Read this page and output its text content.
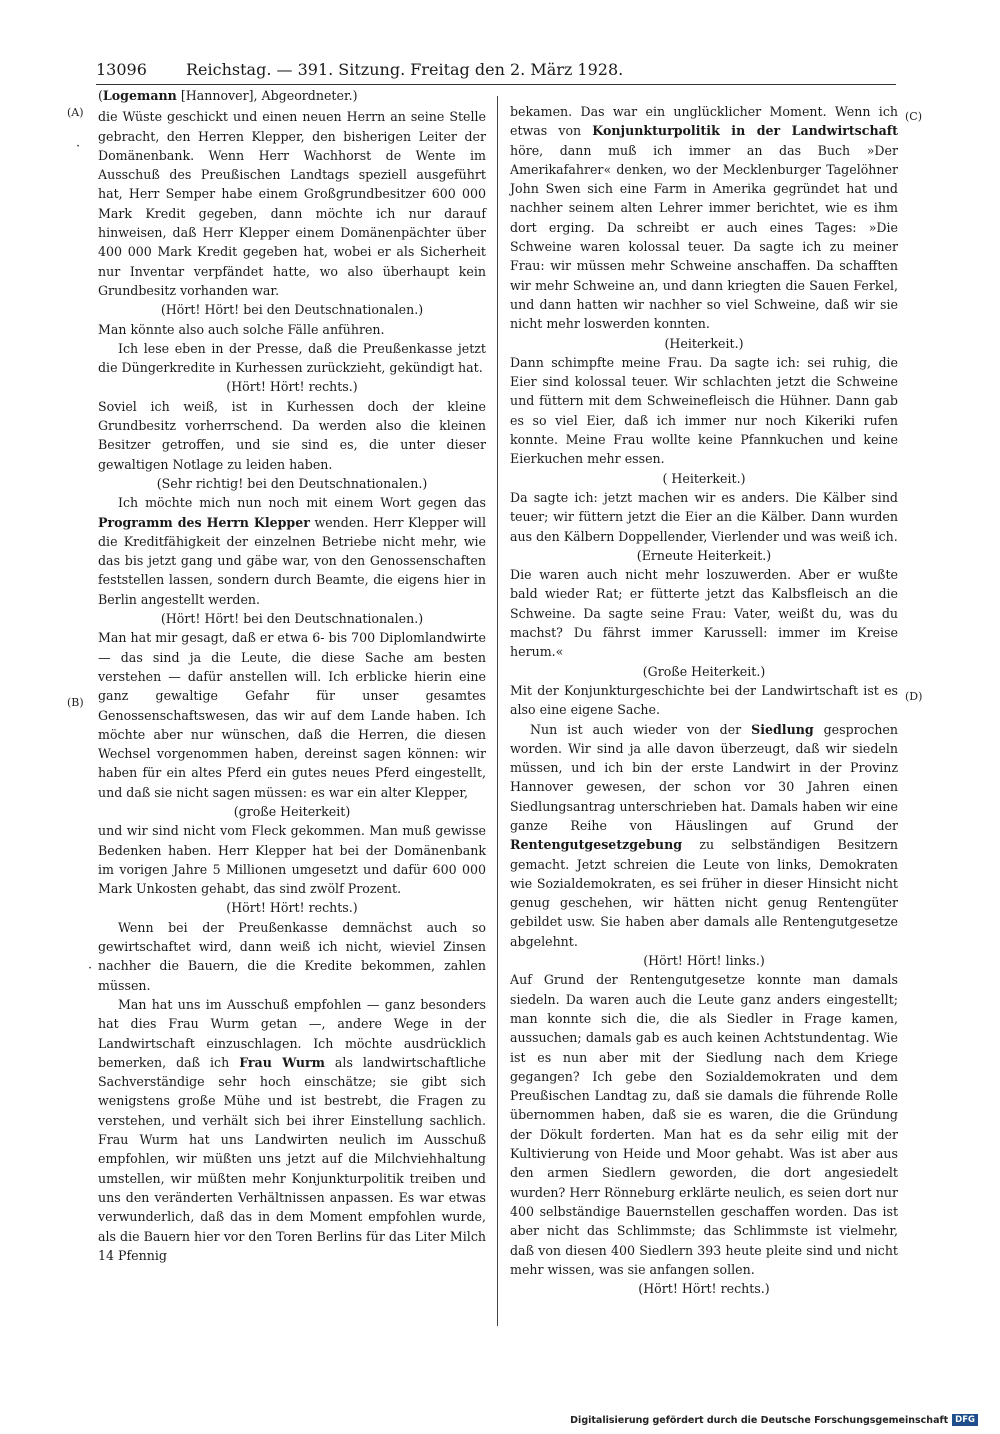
13096 Reichstag. — 391. Sitzung. Freitag den 2. März 1928.
(A)
(B)
(C)
(D)
·
·

(Logemann [Hannover], Abgeordneter.)

die Wüste geschickt und einen neuen Herrn an seine Stelle gebracht, den Herren Klepper, den bisherigen Leiter der Domänenbank. Wenn Herr Wachhorst de Wente im Ausschuß des Preußischen Landtags speziell ausgeführt hat, Herr Semper habe einem Großgrundbesitzer 600 000 Mark Kredit gegeben, dann möchte ich nur darauf hinweisen, daß Herr Klepper einem Domänenpächter über 400 000 Mark Kredit gegeben hat, wobei er als Sicherheit nur Inventar verpfändet hatte, wo also überhaupt kein Grundbesitz vorhanden war.

(Hört! Hört! bei den Deutschnationalen.)

Man könnte also auch solche Fälle anführen.

Ich lese eben in der Presse, daß die Preußenkasse jetzt die Düngerkredite in Kurhessen zurückzieht, gekündigt hat.

(Hört! Hört! rechts.)

Soviel ich weiß, ist in Kurhessen doch der kleine Grundbesitz vorherrschend. Da werden also die kleinen Besitzer getroffen, und sie sind es, die unter dieser gewaltigen Notlage zu leiden haben.

(Sehr richtig! bei den Deutschnationalen.)

Ich möchte mich nun noch mit einem Wort gegen das Programm des Herrn Klepper wenden. Herr Klepper will die Kreditfähigkeit der einzelnen Betriebe nicht mehr, wie das bis jetzt gang und gäbe war, von den Genossenschaften feststellen lassen, sondern durch Beamte, die eigens hier in Berlin angestellt werden.

(Hört! Hört! bei den Deutschnationalen.)

Man hat mir gesagt, daß er etwa 6- bis 700 Diplomlandwirte — das sind ja die Leute, die diese Sache am besten verstehen — dafür anstellen will. Ich erblicke hierin eine ganz gewaltige Gefahr für unser gesamtes Genossenschaftswesen, das wir auf dem Lande haben. Ich möchte aber nur wünschen, daß die Herren, die diesen Wechsel vorgenommen haben, dereinst sagen können: wir haben für ein altes Pferd ein gutes neues Pferd eingestellt, und daß sie nicht sagen müssen: es war ein alter Klepper,

(große Heiterkeit)

und wir sind nicht vom Fleck gekommen. Man muß gewisse Bedenken haben. Herr Klepper hat bei der Domänenbank im vorigen Jahre 5 Millionen umgesetzt und dafür 600 000 Mark Unkosten gehabt, das sind zwölf Prozent.

(Hört! Hört! rechts.)

Wenn bei der Preußenkasse demnächst auch so gewirtschaftet wird, dann weiß ich nicht, wieviel Zinsen nachher die Bauern, die die Kredite bekommen, zahlen müssen.

Man hat uns im Ausschuß empfohlen — ganz besonders hat dies Frau Wurm getan —, andere Wege in der Landwirtschaft einzuschlagen. Ich möchte ausdrücklich bemerken, daß ich Frau Wurm als landwirtschaftliche Sachverständige sehr hoch einschätze; sie gibt sich wenigstens große Mühe und ist bestrebt, die Fragen zu verstehen, und verhält sich bei ihrer Einstellung sachlich. Frau Wurm hat uns Landwirten neulich im Ausschuß empfohlen, wir müßten uns jetzt auf die Milchviehhaltung umstellen, wir müßten mehr Konjunkturpolitik treiben und uns den veränderten Verhältnissen anpassen. Es war etwas verwunderlich, daß das in dem Moment empfohlen wurde, als die Bauern hier vor den Toren Berlins für das Liter Milch 14 Pfennig

bekamen. Das war ein unglücklicher Moment. Wenn ich etwas von Konjunkturpolitik in der Landwirtschaft höre, dann muß ich immer an das Buch »Der Amerikafahrer« denken, wo der Mecklenburger Tagelöhner John Swen sich eine Farm in Amerika gegründet hat und nachher seinem alten Lehrer immer berichtet, wie es ihm dort erging. Da schreibt er auch eines Tages: »Die Schweine waren kolossal teuer. Da sagte ich zu meiner Frau: wir müssen mehr Schweine anschaffen. Da schafften wir mehr Schweine an, und dann kriegten die Sauen Ferkel, und dann hatten wir nachher so viel Schweine, daß wir sie nicht mehr loswerden konnten.

(Heiterkeit.)

Dann schimpfte meine Frau. Da sagte ich: sei ruhig, die Eier sind kolossal teuer. Wir schlachten jetzt die Schweine und füttern mit dem Schweinefleisch die Hühner. Dann gab es so viel Eier, daß ich immer nur noch Kikeriki rufen konnte. Meine Frau wollte keine Pfannkuchen und keine Eierkuchen mehr essen.

( Heiterkeit.)

Da sagte ich: jetzt machen wir es anders. Die Kälber sind teuer; wir füttern jetzt die Eier an die Kälber. Dann wurden aus den Kälbern Doppellender, Vierlender und was weiß ich.

(Erneute Heiterkeit.)

Die waren auch nicht mehr loszuwerden. Aber er wußte bald wieder Rat; er fütterte jetzt das Kalbsfleisch an die Schweine. Da sagte seine Frau: Vater, weißt du, was du machst? Du fährst immer Karussell: immer im Kreise herum.«

(Große Heiterkeit.)

Mit der Konjunkturgeschichte bei der Landwirtschaft ist es also eine eigene Sache.

Nun ist auch wieder von der Siedlung gesprochen worden. Wir sind ja alle davon überzeugt, daß wir siedeln müssen, und ich bin der erste Landwirt in der Provinz Hannover gewesen, der schon vor 30 Jahren einen Siedlungsantrag unterschrieben hat. Damals haben wir eine ganze Reihe von Häuslingen auf Grund der Rentengutgesetzgebung zu selbständigen Besitzern gemacht. Jetzt schreien die Leute von links, Demokraten wie Sozialdemokraten, es sei früher in dieser Hinsicht nicht genug geschehen, wir hätten nicht genug Rentengüter gebildet usw. Sie haben aber damals alle Rentengutgesetze abgelehnt.

(Hört! Hört! links.)

Auf Grund der Rentengutgesetze konnte man damals siedeln. Da waren auch die Leute ganz anders eingestellt; man konnte sich die, die als Siedler in Frage kamen, aussuchen; damals gab es auch keinen Achtstundentag. Wie ist es nun aber mit der Siedlung nach dem Kriege gegangen? Ich gebe den Sozialdemokraten und dem Preußischen Landtag zu, daß sie damals die führende Rolle übernommen haben, daß sie es waren, die die Gründung der Dökult forderten. Man hat es da sehr eilig mit der Kultivierung von Heide und Moor gehabt. Was ist aber aus den armen Siedlern geworden, die dort angesiedelt wurden? Herr Rönneburg erklärte neulich, es seien dort nur 400 selbständige Bauernstellen geschaffen worden. Das ist aber nicht das Schlimmste; das Schlimmste ist vielmehr, daß von diesen 400 Siedlern 393 heute pleite sind und nicht mehr wissen, was sie anfangen sollen.

(Hört! Hört! rechts.)

Digitalisierung gefördert durch die Deutsche Forschungsgemeinschaft DFG
